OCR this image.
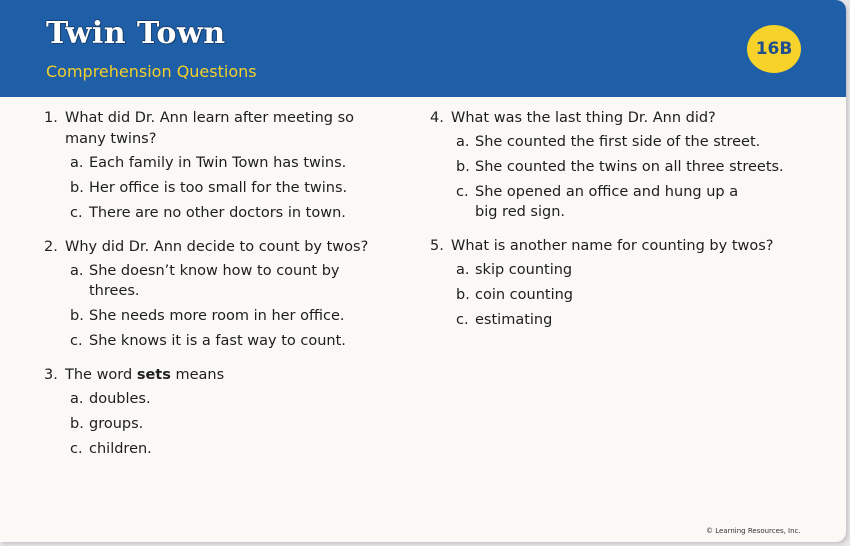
Twin Town
Comprehension Questions
16B
1. What did Dr. Ann learn after meeting so many twins?
a. Each family in Twin Town has twins.
b. Her office is too small for the twins.
c. There are no other doctors in town.
2. Why did Dr. Ann decide to count by twos?
a. She doesn’t know how to count by threes.
b. She needs more room in her office.
c. She knows it is a fast way to count.
3. The word sets means
a. doubles.
b. groups.
c. children.
4. What was the last thing Dr. Ann did?
a. She counted the first side of the street.
b. She counted the twins on all three streets.
c. She opened an office and hung up a big red sign.
5. What is another name for counting by twos?
a. skip counting
b. coin counting
c. estimating
© Learning Resources, Inc.
